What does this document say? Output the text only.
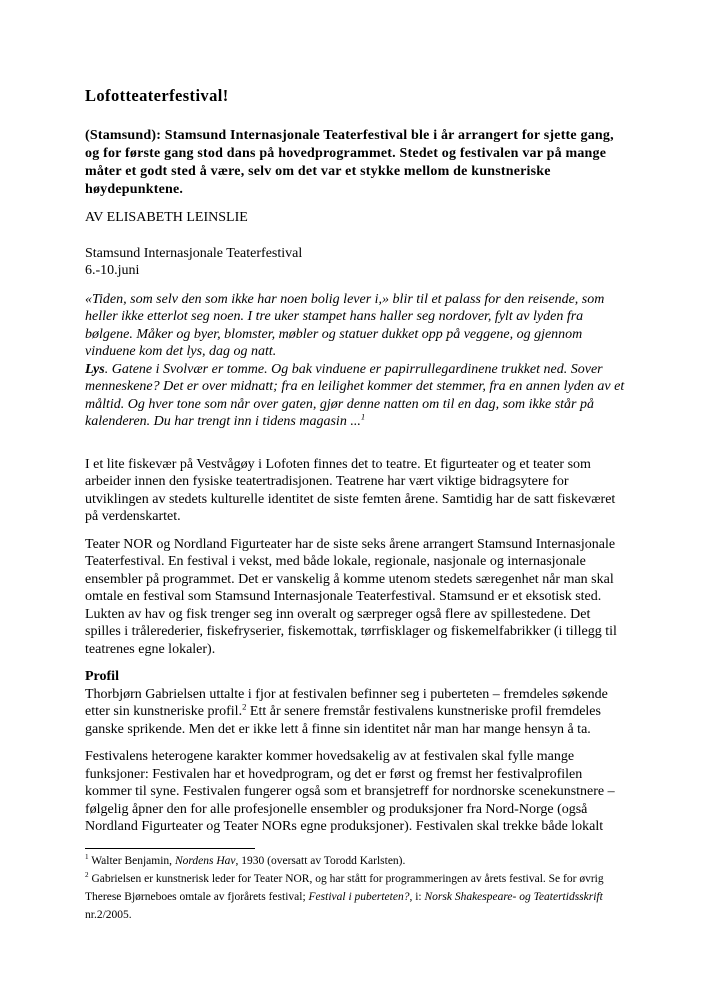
Lofotteaterfestival!

(Stamsund): Stamsund Internasjonale Teaterfestival ble i år arrangert for sjette gang, og for første gang stod dans på hovedprogrammet. Stedet og festivalen var på mange måter et godt sted å være, selv om det var et stykke mellom de kunstneriske høydepunktene.

AV ELISABETH LEINSLIE

Stamsund Internasjonale Teaterfestival

6.-10.juni

«Tiden, som selv den som ikke har noen bolig lever i,» blir til et palass for den reisende, som heller ikke etterlot seg noen. I tre uker stampet hans haller seg nordover, fylt av lyden fra bølgene. Måker og byer, blomster, møbler og statuer dukket opp på veggene, og gjennom vinduene kom det lys, dag og natt.
Lys. Gatene i Svolvær er tomme. Og bak vinduene er papirrullegardinene trukket ned. Sover menneskene? Det er over midnatt; fra en leilighet kommer det stemmer, fra en annen lyden av et måltid. Og hver tone som når over gaten, gjør denne natten om til en dag, som ikke står på kalenderen. Du har trengt inn i tidens magasin ...$^1$

I et lite fiskevær på Vestvågøy i Lofoten finnes det to teatre. Et figurteater og et teater som arbeider innen den fysiske teatertradisjonen. Teatrene har vært viktige bidragsytere for utviklingen av stedets kulturelle identitet de siste femten årene. Samtidig har de satt fiskeværet på verdenskartet.

Teater NOR og Nordland Figurteater har de siste seks årene arrangert Stamsund Internasjonale Teaterfestival. En festival i vekst, med både lokale, regionale, nasjonale og internasjonale ensembler på programmet. Det er vanskelig å komme utenom stedets særegenhet når man skal omtale en festival som Stamsund Internasjonale Teaterfestival. Stamsund er et eksotisk sted. Lukten av hav og fisk trenger seg inn overalt og særpreger også flere av spillestedene. Det spilles i trålerederier, fiskefryserier, fiskemottak, tørrfisklager og fiskemelfabrikker (i tillegg til teatrenes egne lokaler).

Profil

Thorbjørn Gabrielsen uttalte i fjor at festivalen befinner seg i puberteten – fremdeles søkende etter sin kunstneriske profil.$^2$ Ett år senere fremstår festivalens kunstneriske profil fremdeles ganske sprikende. Men det er ikke lett å finne sin identitet når man har mange hensyn å ta.

Festivalens heterogene karakter kommer hovedsakelig av at festivalen skal fylle mange funksjoner: Festivalen har et hovedprogram, og det er først og fremst her festivalprofilen kommer til syne. Festivalen fungerer også som et bransjetreff for nordnorske scenekunstnere – følgelig åpner den for alle profesjonelle ensembler og produksjoner fra Nord-Norge (også Nordland Figurteater og Teater NORs egne produksjoner). Festivalen skal trekke både lokalt

$^1$ Walter Benjamin, Nordens Hav, 1930 (oversatt av Torodd Karlsten).
$^2$ Gabrielsen er kunstnerisk leder for Teater NOR, og har stått for programmeringen av årets festival. Se for øvrig Therese Bjørneboes omtale av fjorårets festival; Festival i puberteten?, i: Norsk Shakespeare- og Teatertidsskrift nr.2/2005.
